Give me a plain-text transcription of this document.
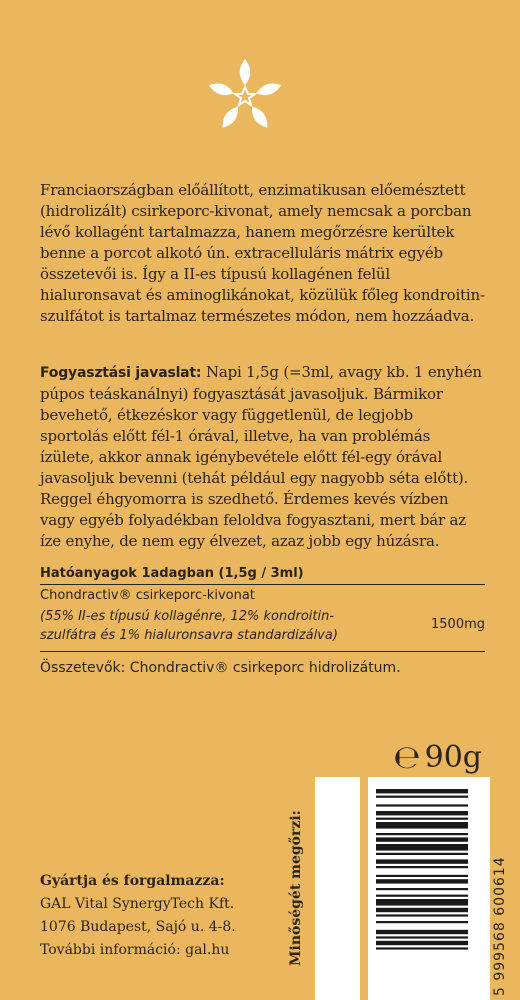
Franciaországban előállított, enzimatikusan előemésztett (hidrolizált) csirkeporc-kivonat, amely nemcsak a porcban lévő kollagént tartalmazza, hanem megőrzésre kerültek benne a porcot alkotó ún. extracelluláris mátrix egyéb összetevői is. Így a II-es típusú kollagénen felül hialuronsavat és aminoglikánokat, közülük főleg kondroitin-szulfátot is tartalmaz természetes módon, nem hozzáadva.

Fogyasztási javaslat: Napi 1,5g (=3ml, avagy kb. 1 enyhén púpos teáskanálnyi) fogyasztását javasoljuk. Bármikor bevehető, étkezéskor vagy függetlenül, de legjobb sportolás előtt fél-1 órával, illetve, ha van problémás ízülete, akkor annak igénybevétele előtt fél-egy órával javasoljuk bevenni (tehát például egy nagyobb séta előtt). Reggel éhgyomorra is szedhető. Érdemes kevés vízben vagy egyéb folyadékban feloldva fogyasztani, mert bár az íze enyhe, de nem egy élvezet, azaz jobb egy húzásra.

Hatóanyagok 1adagban (1,5g / 3ml)
Chondractiv® csirkeporc-kivonat
(55% II-es típusú kollagénre, 12% kondroitin-szulfátra és 1% hialuronsavra standardizálva)
1500mg
Összetevők: Chondractiv® csirkeporc hidrolizátum.
℮ 90g
Gyártja és forgalmazza:
GAL Vital SynergyTech Kft.
1076 Budapest, Sajó u. 4-8.
További információ: gal.hu	Minőségét megőrzi:	5 999568 600614
